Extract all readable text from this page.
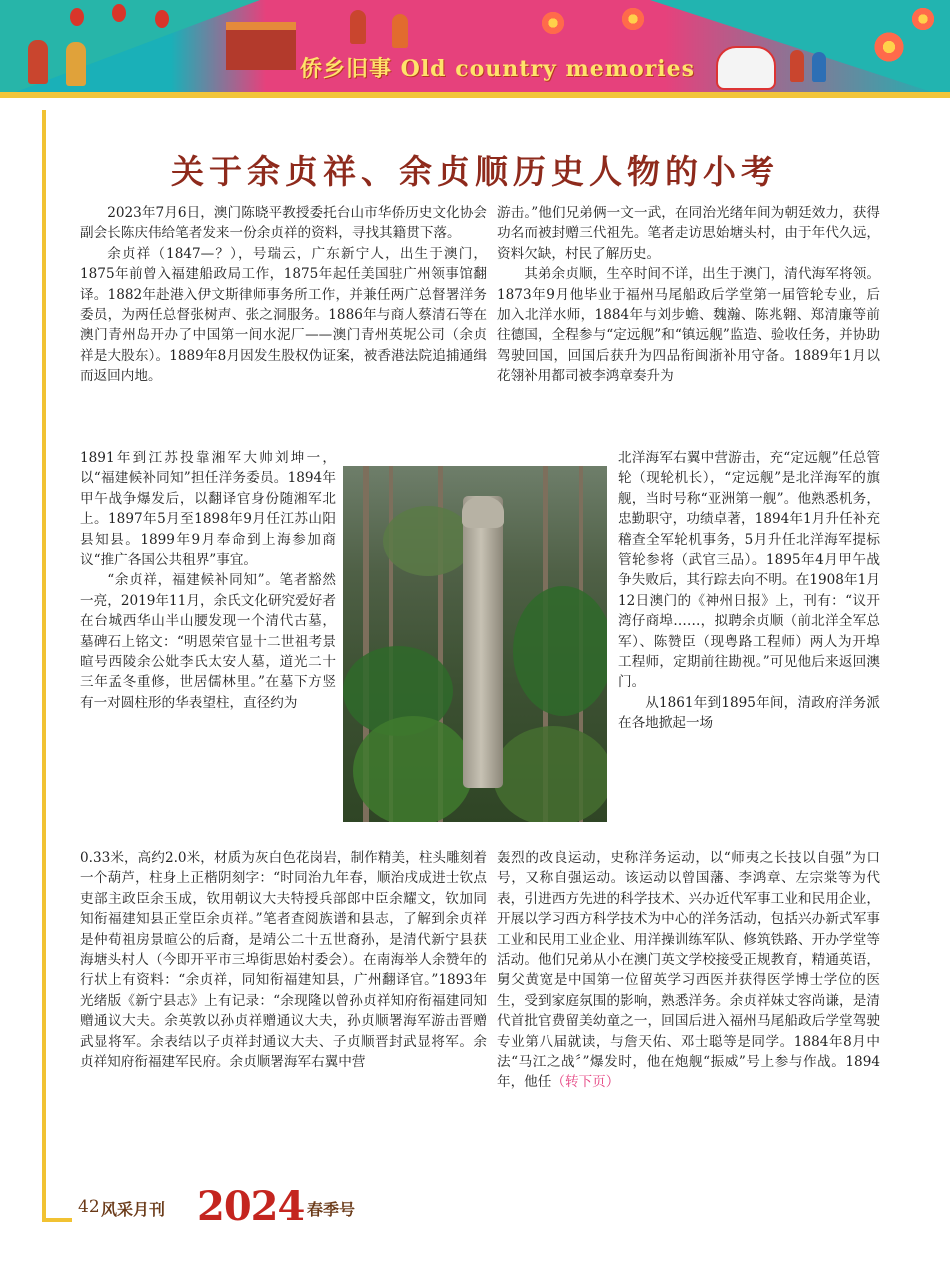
侨乡旧事 Old country memories
关于余贞祥、余贞顺历史人物的小考

2023年7月6日，澳门陈晓平教授委托台山市华侨历史文化协会副会长陈庆伟给笔者发来一份余贞祥的资料，寻找其籍贯下落。

余贞祥（1847—？），号瑞云，广东新宁人，出生于澳门，1875年前曾入福建船政局工作，1875年起任美国驻广州领事馆翻译。1882年赴港入伊文斯律师事务所工作，并兼任两广总督署洋务委员，为两任总督张树声、张之洞服务。1886年与商人蔡清石等在澳门青州岛开办了中国第一间水泥厂——澳门青州英坭公司（余贞祥是大股东）。1889年8月因发生股权伪证案，被香港法院追捕通缉而返回内地。

1891年到江苏投靠湘军大帅刘坤一，以“福建候补同知”担任洋务委员。1894年甲午战争爆发后，以翻译官身份随湘军北上。1897年5月至1898年9月任江苏山阳县知县。1899年9月奉命到上海参加商议“推广各国公共租界”事宜。

“余贞祥，福建候补同知”。笔者豁然一亮，2019年11月，余氏文化研究爱好者在台城西华山半山腰发现一个清代古墓，墓碑石上铭文：“明恩荣官显十二世祖考景暄号西陵余公妣李氏太安人墓，道光二十三年孟冬重修，世居儒林里。”在墓下方竖有一对圆柱形的华表望柱，直径约为

0.33米，高约2.0米，材质为灰白色花岗岩，制作精美，柱头雕刻着一个葫芦，柱身上正楷阴刻字：“时同治九年春，顺治戌成进士钦点吏部主政臣余玉成，钦用朝议大夫特授兵部郎中臣余耀文，钦加同知衔福建知县正堂臣余贞祥。”笔者查阅族谱和县志，了解到余贞祥是仲荀祖房景暄公的后裔，是靖公二十五世裔孙，是清代新宁县获海塘头村人（今即开平市三埠街思始村委会）。在南海举人余赞年的行状上有资料：“余贞祥，同知衔福建知县，广州翻译官。”1893年光绪版《新宁县志》上有记录：“余现隆以曾孙贞祥知府衔福建同知赠通议大夫。余英敦以孙贞祥赠通议大夫，孙贞顺署海军游击晋赠武显将军。余表结以子贞祥封通议大夫、子贞顺晋封武显将军。余贞祥知府衔福建军民府。余贞顺署海军右翼中营

游击。”他们兄弟俩一文一武，在同治光绪年间为朝廷效力，获得功名而被封赠三代祖先。笔者走访思始塘头村，由于年代久远，资料欠缺，村民了解历史。

其弟余贞顺，生卒时间不详，出生于澳门，清代海军将领。1873年9月他毕业于福州马尾船政后学堂第一届管轮专业，后加入北洋水师，1884年与刘步蟾、魏瀚、陈兆翱、郑清廉等前往德国，全程参与“定远舰”和“镇远舰”监造、验收任务，并协助驾驶回国，回国后获升为四品衔闽浙补用守备。1889年1月以花翎补用都司被李鸿章奏升为

北洋海军右翼中营游击，充“定远舰”任总管轮（现轮机长），“定远舰”是北洋海军的旗舰，当时号称“亚洲第一舰”。他熟悉机务，忠勤职守，功绩卓著，1894年1月升任补充稽查全军轮机事务，5月升任北洋海军提标管轮参将（武官三品）。1895年4月甲午战争失败后，其行踪去向不明。在1908年1月12日澳门的《神州日报》上，刊有：“议开湾仔商埠……，拟聘余贞顺（前北洋全军总军）、陈赞臣（现粤路工程师）两人为开埠工程师，定期前往勘视。”可见他后来返回澳门。

从1861年到1895年间，清政府洋务派在各地掀起一场

轰烈的改良运动，史称洋务运动，以“师夷之长技以自强”为口号，又称自强运动。该运动以曾国藩、李鸿章、左宗棠等为代表，引进西方先进的科学技术、兴办近代军事工业和民用企业，开展以学习西方科学技术为中心的洋务活动，包括兴办新式军事工业和民用工业企业、用洋操训练军队、修筑铁路、开办学堂等活动。他们兄弟从小在澳门英文学校接受正规教育，精通英语，舅父黄宽是中国第一位留英学习西医并获得医学博士学位的医生，受到家庭氛围的影响，熟悉洋务。余贞祥妹丈容尚谦，是清代首批官费留美幼童之一，回国后进入福州马尾船政后学堂驾驶专业第八届就读，与詹天佑、邓士聪等是同学。1884年8月中法“马江之战〞”爆发时，他在炮舰“振威”号上参与作战。1894年，他任（转下页）

42 风采月刊 2024 春季号
